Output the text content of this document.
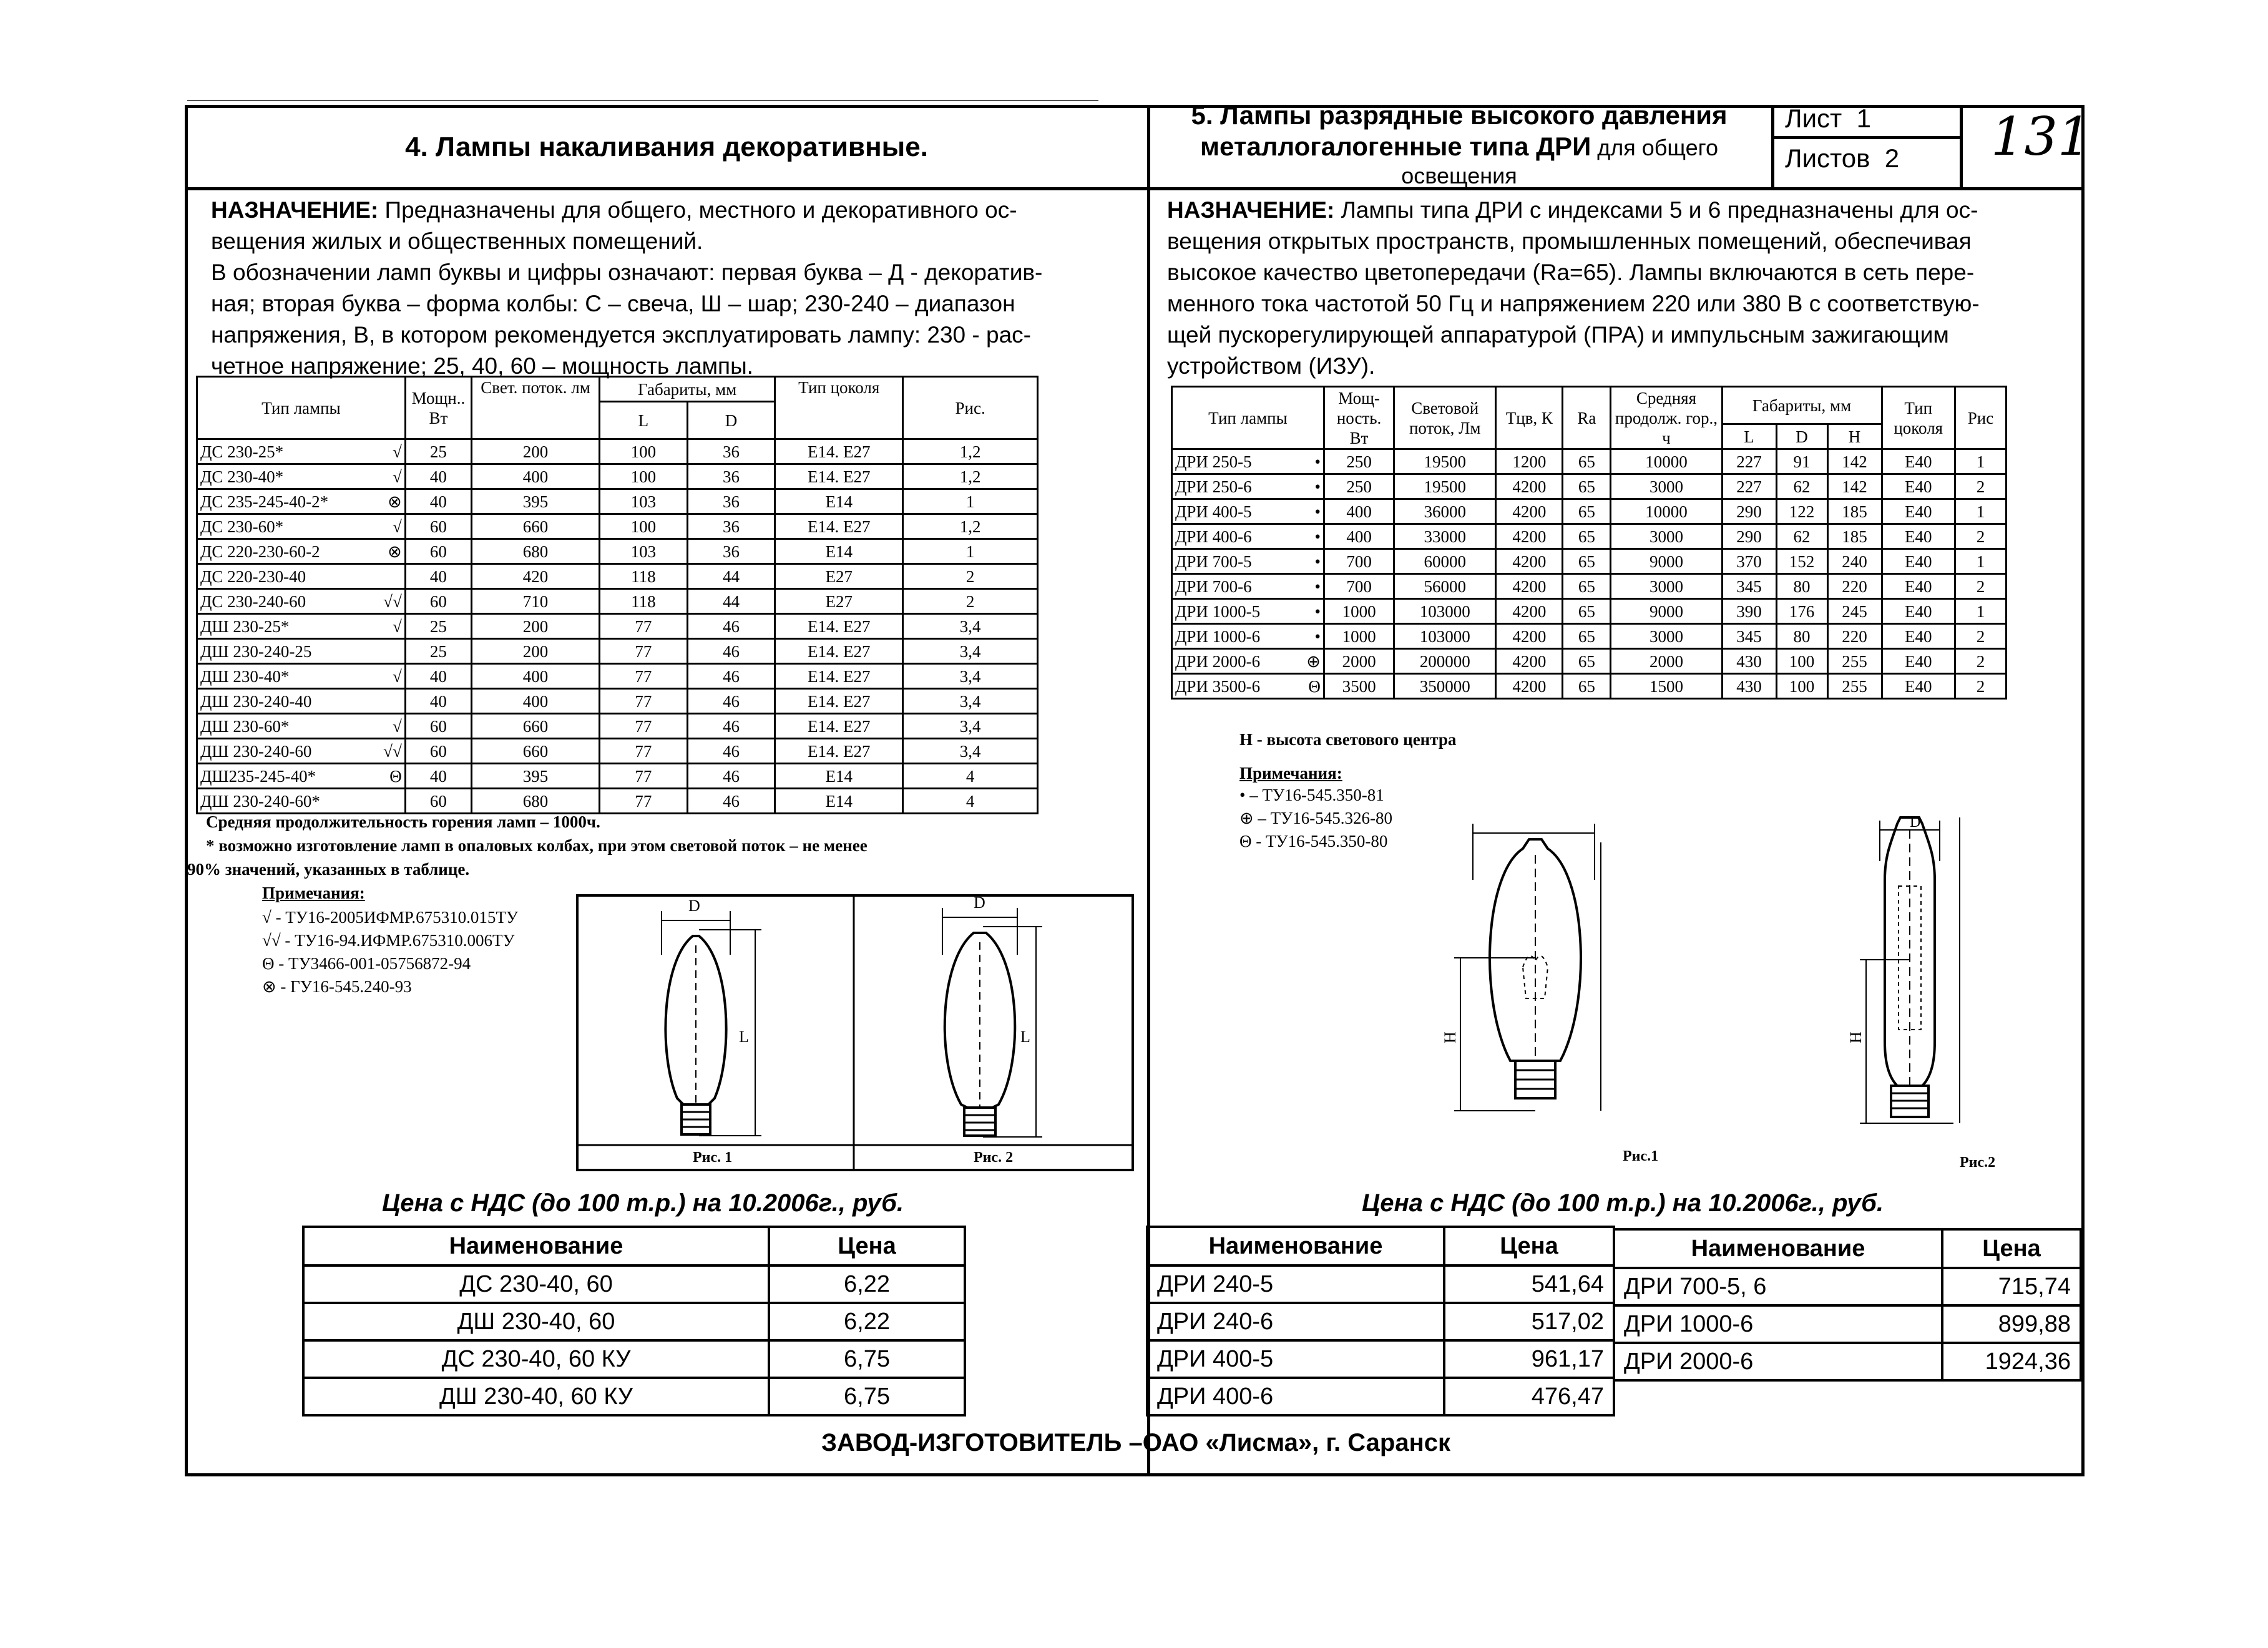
4. Лампы накаливания декоративные.
5. Лампы разрядные высокого давления
металлогалогенные типа ДРИ для общего
освещения
Лист  1
Листов  2 131
НАЗНАЧЕНИЕ: Предназначены для общего, местного и декоративного ос-
вещения жилых и общественных помещений.
В обозначении ламп буквы и цифры означают: первая буква – Д - декоратив-
ная; вторая буква – форма колбы: С – свеча, Ш – шар; 230-240 – диапазон
напряжения, В, в котором рекомендуется эксплуатировать лампу: 230 - рас-
четное напряжение; 25, 40, 60 – мощность лампы.
Тип лампы	Мощн.. Вт	Свет. поток. лм	Габариты, мм		Тип цоколя	Рис.
			L	D		
ДС 230-25* √	25	200	100	36	E14. E27	1,2
ДС 230-40* √	40	400	100	36	E14. E27	1,2
ДС 235-245-40-2* ⊗	40	395	103	36	E14	1
ДС 230-60* √	60	660	100	36	E14. E27	1,2
ДС 220-230-60-2 ⊗	60	680	103	36	E14	1
ДС 220-230-40	40	420	118	44	E27	2
ДС 230-240-60 √√	60	710	118	44	E27	2
ДШ 230-25* √	25	200	77	46	E14. E27	3,4
ДШ 230-240-25	25	200	77	46	E14. E27	3,4
ДШ 230-40* √	40	400	77	46	E14. E27	3,4
ДШ 230-240-40	40	400	77	46	E14. E27	3,4
ДШ 230-60* √	60	660	77	46	E14. E27	3,4
ДШ 230-240-60 √√	60	660	77	46	E14. E27	3,4
ДШ235-245-40* Θ	40	395	77	46	E14	4
ДШ 230-240-60*	60	680	77	46	E14	4
Средняя продолжительность горения ламп – 1000ч.
* возможно изготовление ламп в опаловых колбах, при этом световой поток – не менее
90% значений, указанных в таблице.
Примечания:
√ - ТУ16-2005ИФМР.675310.015ТУ
√√ - ТУ16-94.ИФМР.675310.006ТУ
Θ - ТУ3466-001-05756872-94
⊗ - ГУ16-545.240-93
D
L
Рис. 1
D
L
Рис. 2
Цена с НДС (до 100 т.р.) на 10.2006г., руб.
Наименование	Цена
ДС 230-40, 60	6,22
ДШ 230-40, 60	6,22
ДС 230-40, 60 КУ	6,75
ДШ 230-40, 60 КУ	6,75
НАЗНАЧЕНИЕ: Лампы типа ДРИ с индексами 5 и 6 предназначены для ос-
вещения открытых пространств, промышленных помещений, обеспечивая
высокое качество цветопередачи (Ra=65). Лампы включаются в сеть пере-
менного тока частотой 50 Гц и напряжением 220 или 380 В с соответствую-
щей пускорегулирующей аппаратурой (ПРА) и импульсным зажигающим
устройством (ИЗУ).
Тип лампы	Мощ-ность. Вт	Световой поток, Лм	Тцв, К	Ra	Средняя продолж. гор., ч	Габариты, мм			Тип цоколя	Рис
						L	D	H		
ДРИ 250-5 •	250	19500	1200	65	10000	227	91	142	E40	1
ДРИ 250-6 •	250	19500	4200	65	3000	227	62	142	E40	2
ДРИ 400-5 •	400	36000	4200	65	10000	290	122	185	E40	1
ДРИ 400-6 •	400	33000	4200	65	3000	290	62	185	E40	2
ДРИ 700-5 •	700	60000	4200	65	9000	370	152	240	E40	1
ДРИ 700-6 •	700	56000	4200	65	3000	345	80	220	E40	2
ДРИ 1000-5 •	1000	103000	4200	65	9000	390	176	245	E40	1
ДРИ 1000-6 •	1000	103000	4200	65	3000	345	80	220	E40	2
ДРИ 2000-6 ⊕	2000	200000	4200	65	2000	430	100	255	E40	2
ДРИ 3500-6 Θ	3500	350000	4200	65	1500	430	100	255	E40	2
H - высота светового центра
Примечания:
• – ТУ16-545.350-81
⊕ – ТУ16-545.326-80
Θ - ТУ16-545.350-80
H
Рис.1
D
H
Рис.2
Цена с НДС (до 100 т.р.) на 10.2006г., руб.
Наименование	Цена
ДРИ 240-5	541,64
ДРИ 240-6	517,02
ДРИ 400-5	961,17
ДРИ 400-6	476,47
Наименование	Цена
ДРИ 700-5, 6	715,74
ДРИ 1000-6	899,88
ДРИ 2000-6	1924,36
ЗАВОД-ИЗГОТОВИТЕЛЬ –ОАО «Лисма», г. Саранск
